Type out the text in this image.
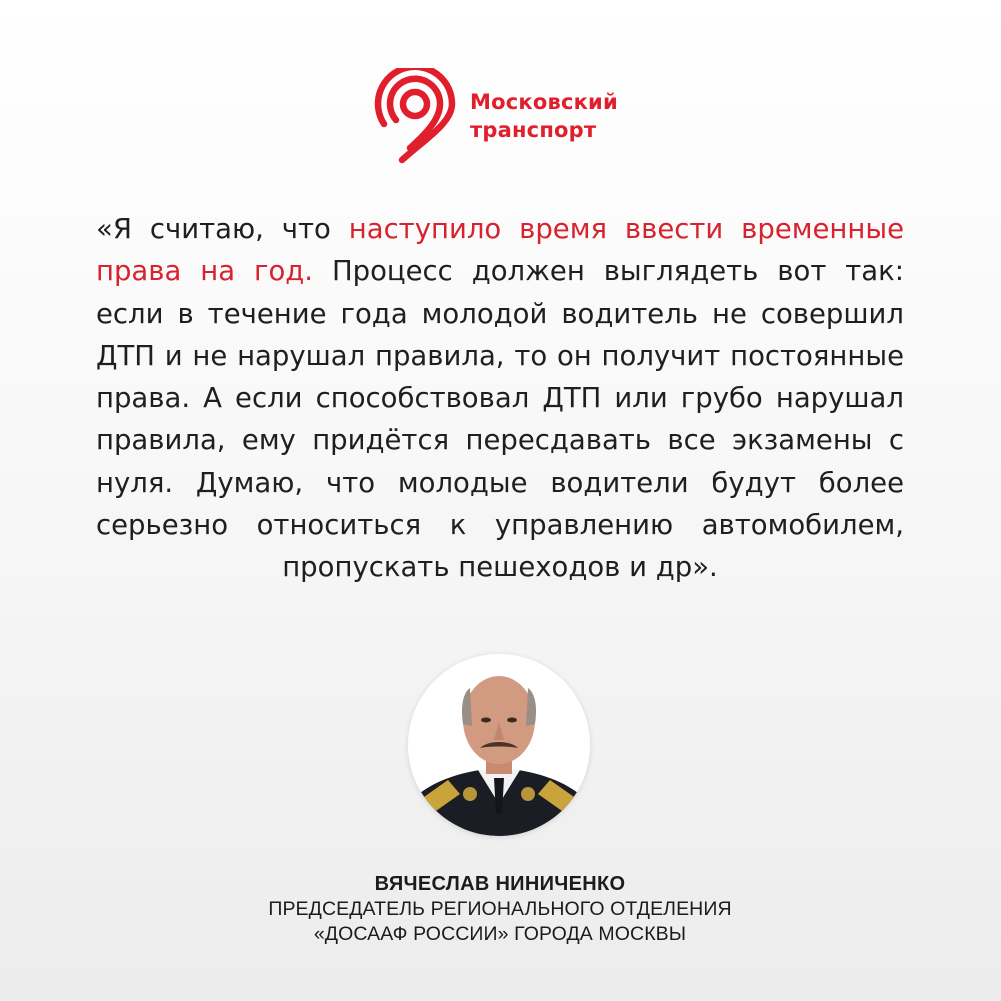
Московский
транспорт
«Я считаю, что наступило время ввести временные права на год. Процесс должен выглядеть вот так: если в течение года молодой водитель не совершил ДТП и не нарушал правила, то он получит постоянные права. А если способствовал ДТП или грубо нарушал правила, ему придётся пересдавать все экзамены с нуля. Думаю, что молодые водители будут более серьезно относиться к управлению автомобилем, пропускать пешеходов и др».
ВЯЧЕСЛАВ НИНИЧЕНКО
ПРЕДСЕДАТЕЛЬ РЕГИОНАЛЬНОГО ОТДЕЛЕНИЯ
«ДОСААФ РОССИИ» ГОРОДА МОСКВЫ
